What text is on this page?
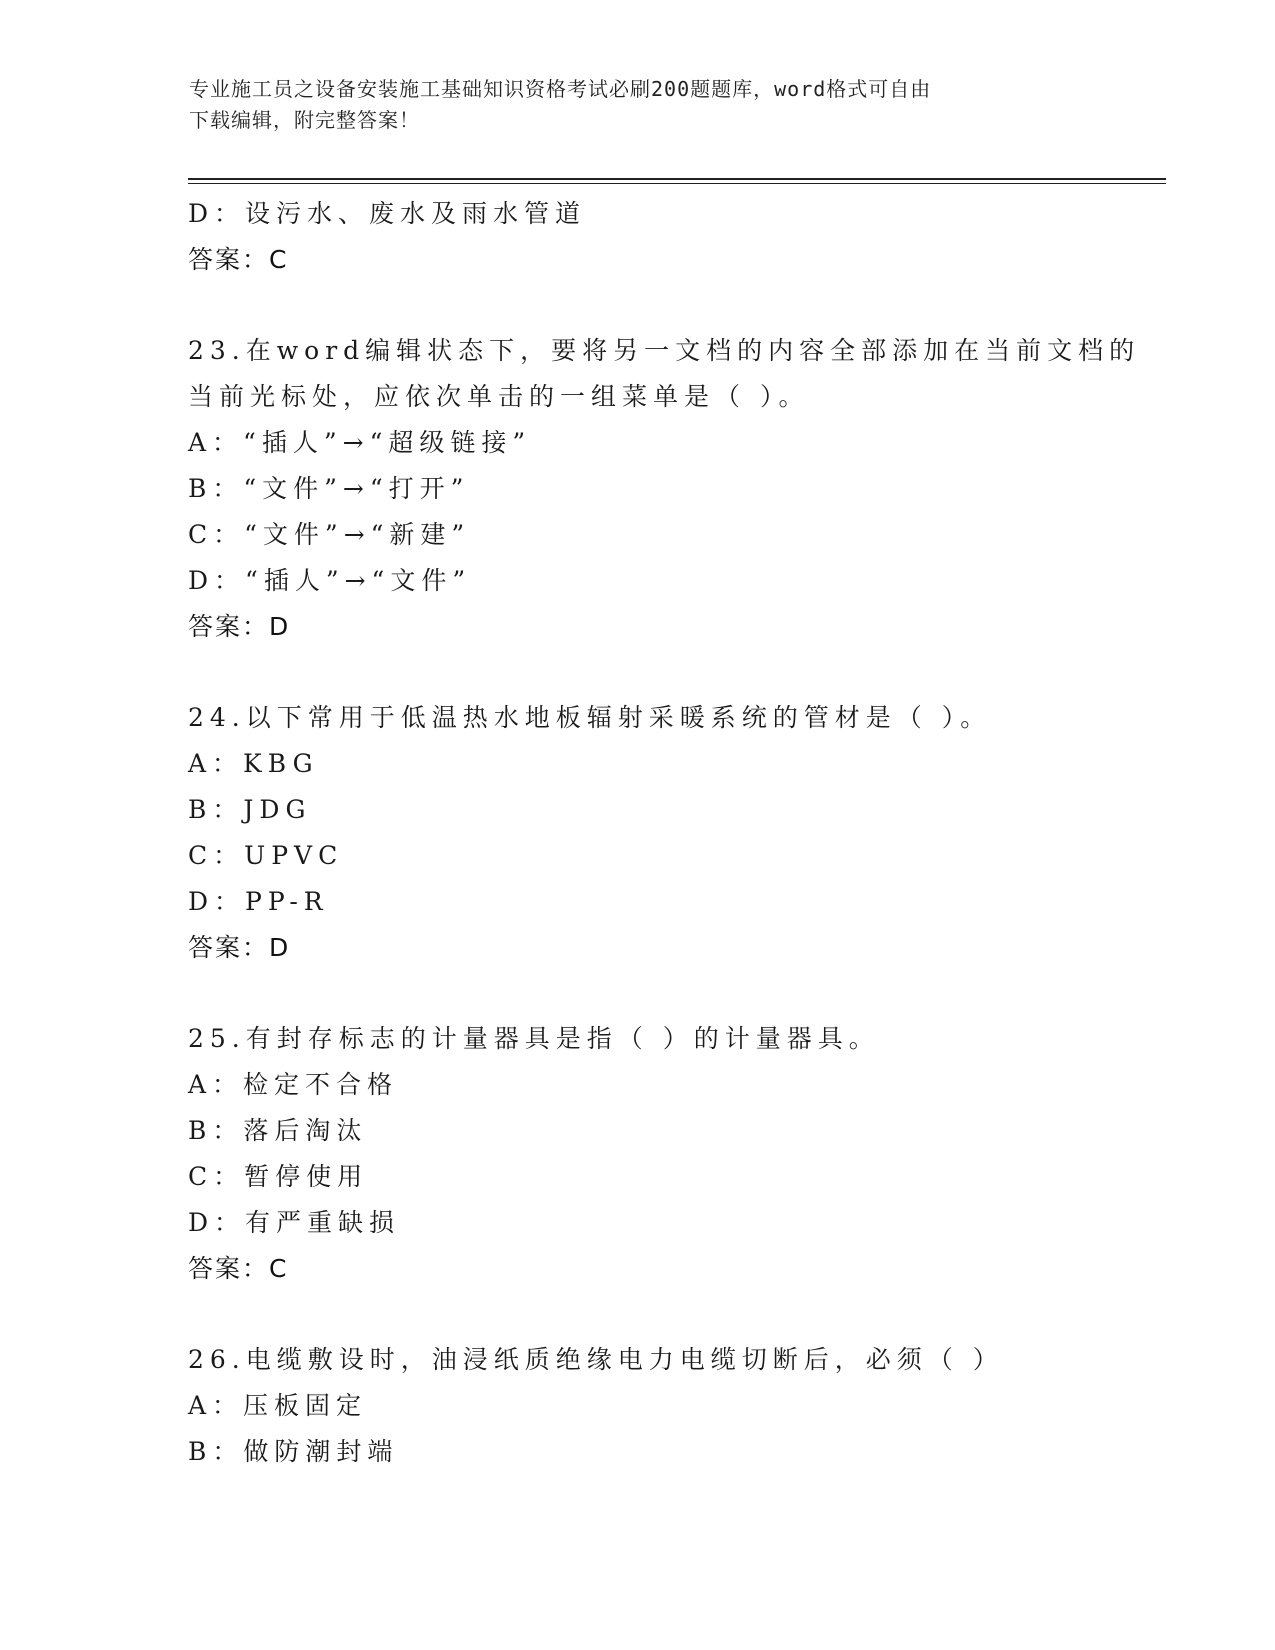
专业施工员之设备安装施工基础知识资格考试必刷200题题库，word格式可自由
下载编辑，附完整答案！
D：设污水、废水及雨水管道
答案：C
23.在word编辑状态下，要将另一文档的内容全部添加在当前文档的
当前光标处，应依次单击的一组菜单是（ ）。
A：“插人”→“超级链接”
B：“文件”→“打开”
C：“文件”→“新建”
D：“插人”→“文件”
答案：D
24.以下常用于低温热水地板辐射采暖系统的管材是（ ）。
A：KBG
B：JDG
C：UPVC
D：PP-R
答案：D
25.有封存标志的计量器具是指（ ）的计量器具。
A：检定不合格
B：落后淘汰
C：暂停使用
D：有严重缺损
答案：C
26.电缆敷设时，油浸纸质绝缘电力电缆切断后，必须（ ）
A：压板固定
B：做防潮封端
